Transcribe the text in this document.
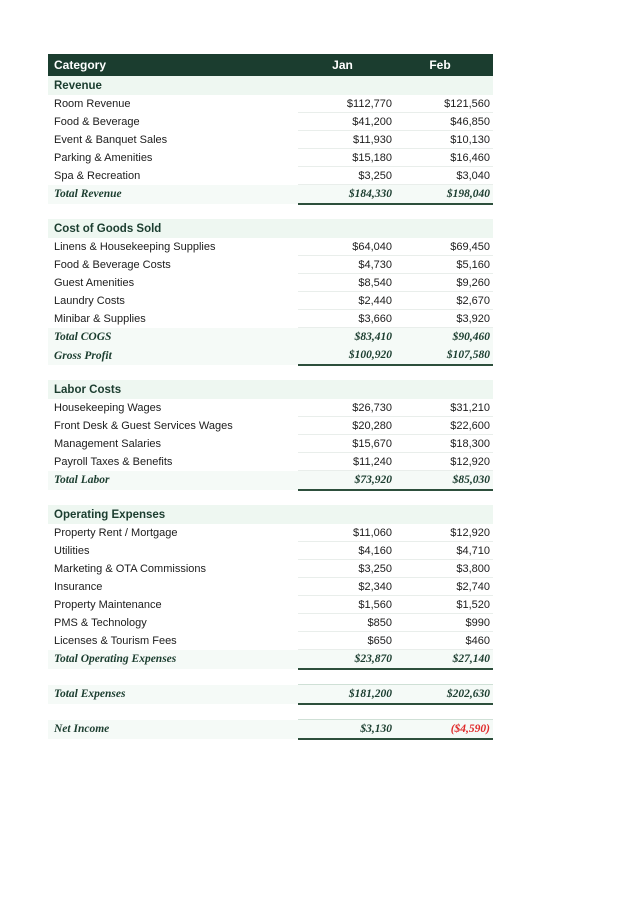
Category	Jan	Feb
Revenue		
Room Revenue	$112,770	$121,560
Food & Beverage	$41,200	$46,850
Event & Banquet Sales	$11,930	$10,130
Parking & Amenities	$15,180	$16,460
Spa & Recreation	$3,250	$3,040
Total Revenue	$184,330	$198,040

Cost of Goods Sold		
Linens & Housekeeping Supplies	$64,040	$69,450
Food & Beverage Costs	$4,730	$5,160
Guest Amenities	$8,540	$9,260
Laundry Costs	$2,440	$2,670
Minibar & Supplies	$3,660	$3,920
Total COGS	$83,410	$90,460
Gross Profit	$100,920	$107,580

Labor Costs		
Housekeeping Wages	$26,730	$31,210
Front Desk & Guest Services Wages	$20,280	$22,600
Management Salaries	$15,670	$18,300
Payroll Taxes & Benefits	$11,240	$12,920
Total Labor	$73,920	$85,030

Operating Expenses		
Property Rent / Mortgage	$11,060	$12,920
Utilities	$4,160	$4,710
Marketing & OTA Commissions	$3,250	$3,800
Insurance	$2,340	$2,740
Property Maintenance	$1,560	$1,520
PMS & Technology	$850	$990
Licenses & Tourism Fees	$650	$460
Total Operating Expenses	$23,870	$27,140

Total Expenses	$181,200	$202,630

Net Income	$3,130	($4,590)
